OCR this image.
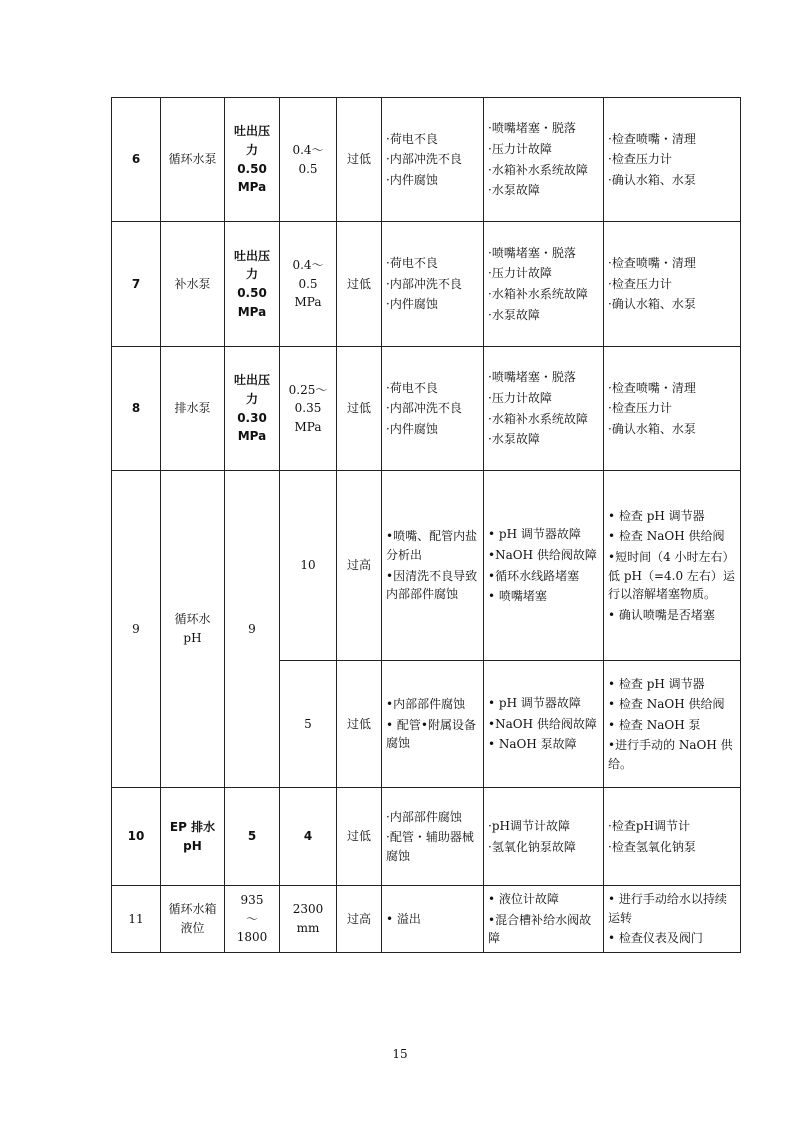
6	循环水泵	吐出压
力
0.50
MPa	0.4～0.5	过低	·荷电不良
·内部冲洗不良
·内件腐蚀	·喷嘴堵塞・脱落
·压力计故障
·水箱补水系统故障
·水泵故障	·检查喷嘴・清理
·检查压力计
·确认水箱、水泵

7	补水泵	吐出压
力
0.50
MPa	0.4～0.5 MPa	过低	·荷电不良
·内部冲洗不良
·内件腐蚀	·喷嘴堵塞・脱落
·压力计故障
·水箱补水系统故障
·水泵故障	·检查喷嘴・清理
·检查压力计
·确认水箱、水泵

8	排水泵	吐出压
力
0.30
MPa	0.25～ 0.35 MPa	过低	·荷电不良
·内部冲洗不良
·内件腐蚀	·喷嘴堵塞・脱落
·压力计故障
·水箱补水系统故障
·水泵故障	·检查喷嘴・清理
·检查压力计
·确认水箱、水泵

9	循环水 pH	9	10	过高	•喷嘴、配管内盐分析出
•因清洗不良导致内部部件腐蚀	• pH 调节器故障
•NaOH 供给阀故障
•循环水线路堵塞
• 喷嘴堵塞	• 检查 pH 调节器
• 检查 NaOH 供给阀
•短时间（4 小时左右）低 pH（=4.0 左右）运行以溶解堵塞物质。
• 确认喷嘴是否堵塞

			5	过低	•内部部件腐蚀
• 配管•附属设备腐蚀	• pH 调节器故障
•NaOH 供给阀故障
• NaOH 泵故障	• 检查 pH 调节器
• 检查 NaOH 供给阀
• 检查 NaOH 泵
•进行手动的 NaOH 供给。

10	EP 排水 pH	5	4	过低	·内部部件腐蚀
·配管・辅助器械腐蚀	·pH调节计故障
·氢氧化钠泵故障	·检查pH调节计
·检查氢氧化钠泵

11	循环水箱液位	935
～
1800	2300 mm	过高	• 溢出	• 液位计故障
•混合槽补给水阀故障	• 进行手动给水以持续运转
• 检查仪表及阀门
15
